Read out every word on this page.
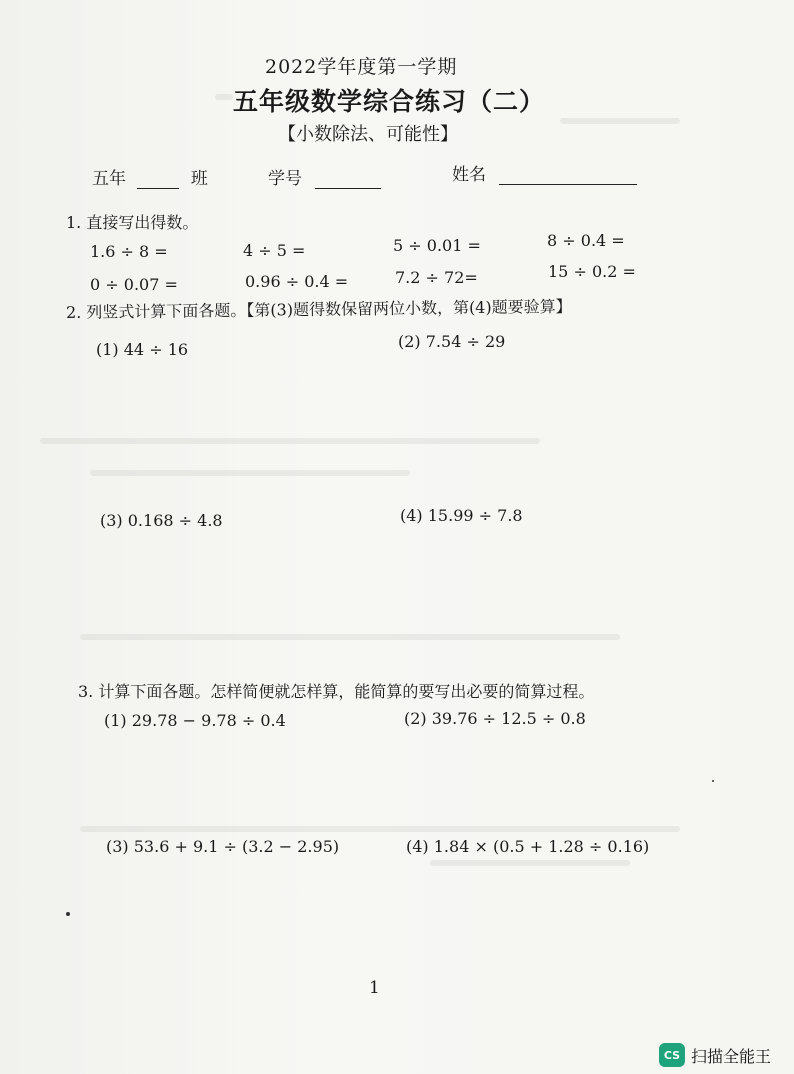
2022学年度第一学期
五年级数学综合练习（二）
【小数除法、可能性】
五年	班	学号	姓名
1. 直接写出得数。
1.6 ÷ 8 =	4 ÷ 5 =	5 ÷ 0.01 =	8 ÷ 0.4 =
0 ÷ 0.07 =	0.96 ÷ 0.4 =	7.2 ÷ 72=	15 ÷ 0.2 =
2. 列竖式计算下面各题。【第(3)题得数保留两位小数，第(4)题要验算】
(1) 44 ÷ 16	(2) 7.54 ÷ 29
(3) 0.168 ÷ 4.8	(4) 15.99 ÷ 7.8
3. 计算下面各题。怎样简便就怎样算，能简算的要写出必要的简算过程。
(1) 29.78 − 9.78 ÷ 0.4	(2) 39.76 ÷ 12.5 ÷ 0.8
(3) 53.6 + 9.1 ÷ (3.2 − 2.95)	(4) 1.84 × (0.5 + 1.28 ÷ 0.16)
1
CS 扫描全能王
